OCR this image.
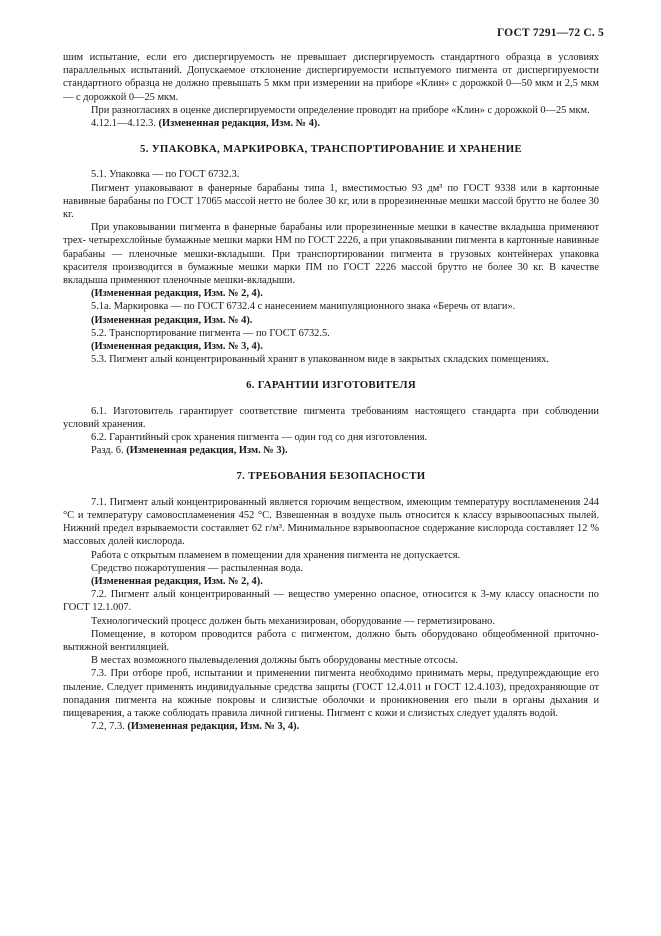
ГОСТ 7291—72 С. 5

шим испытание, если его диспергируемость не превышает диспергируемость стандартного образца в условиях параллельных испытаний. Допускаемое отклонение диспергируемости испытуемого пигмента от диспергируемости стандартного образца не должно превышать 5 мкм при измерении на приборе «Клин» с дорожкой 0—50 мкм и 2,5 мкм — с дорожкой 0—25 мкм.

При разногласиях в оценке диспергируемости определение проводят на приборе «Клин» с дорожкой 0—25 мкм.

4.12.1—4.12.3. (Измененная редакция, Изм. № 4).

5. УПАКОВКА, МАРКИРОВКА, ТРАНСПОРТИРОВАНИЕ И ХРАНЕНИЕ

5.1. Упаковка — по ГОСТ 6732.3.

Пигмент упаковывают в фанерные барабаны типа 1, вместимостью 93 дм³ по ГОСТ 9338 или в картонные навивные барабаны по ГОСТ 17065 массой нетто не более 30 кг, или в прорезиненные мешки массой брутто не более 30 кг.

При упаковывании пигмента в фанерные барабаны или прорезиненные мешки в качестве вкладыша применяют трех- четырехслойные бумажные мешки марки НМ по ГОСТ 2226, а при упаковывании пигмента в картонные навивные барабаны — пленочные мешки-вкладыши. При транспортировании пигмента в грузовых контейнерах упаковка красителя производится в бумажные мешки марки ПМ по ГОСТ 2226 массой брутто не более 30 кг. В качестве вкладыша применяют пленочные мешки-вкладыши.

(Измененная редакция, Изм. № 2, 4).

5.1a. Маркировка — по ГОСТ 6732.4 с нанесением манипуляционного знака «Беречь от влаги».

(Измененная редакция, Изм. № 4).

5.2. Транспортирование пигмента — по ГОСТ 6732.5.

(Измененная редакция, Изм. № 3, 4).

5.3. Пигмент алый концентрированный хранят в упакованном виде в закрытых складских помещениях.

6. ГАРАНТИИ ИЗГОТОВИТЕЛЯ

6.1. Изготовитель гарантирует соответствие пигмента требованиям настоящего стандарта при соблюдении условий хранения.

6.2. Гарантийный срок хранения пигмента — один год со дня изготовления.

Разд. 6. (Измененная редакция, Изм. № 3).

7. ТРЕБОВАНИЯ БЕЗОПАСНОСТИ

7.1. Пигмент алый концентрированный является горючим веществом, имеющим температуру воспламенения 244 °С и температуру самовоспламенения 452 °С. Взвешенная в воздухе пыль относится к классу взрывоопасных пылей. Нижний предел взрываемости составляет 62 г/м³. Минимальное взрывоопасное содержание кислорода составляет 12 % массовых долей кислорода.

Работа с открытым пламенем в помещении для хранения пигмента не допускается.

Средство пожаротушения — распыленная вода.

(Измененная редакция, Изм. № 2, 4).

7.2. Пигмент алый концентрированный — вещество умеренно опасное, относится к 3-му классу опасности по ГОСТ 12.1.007.

Технологический процесс должен быть механизирован, оборудование — герметизировано.

Помещение, в котором проводится работа с пигментом, должно быть оборудовано общеобменной приточно-вытяжной вентиляцией.

В местах возможного пылевыделения должны быть оборудованы местные отсосы.

7.3. При отборе проб, испытании и применении пигмента необходимо принимать меры, предупреждающие его пыление. Следует применять индивидуальные средства защиты (ГОСТ 12.4.011 и ГОСТ 12.4.103), предохраняющие от попадания пигмента на кожные покровы и слизистые оболочки и проникновения его пыли в органы дыхания и пищеварения, а также соблюдать правила личной гигиены. Пигмент с кожи и слизистых следует удалять водой.

7.2, 7.3. (Измененная редакция, Изм. № 3, 4).
